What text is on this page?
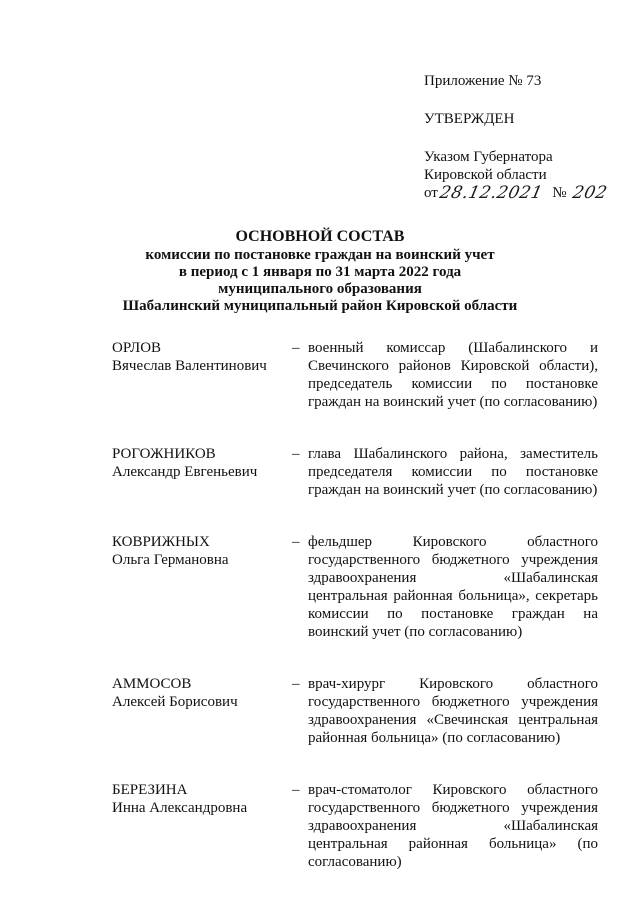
Приложение № 73
УТВЕРЖДЕН
Указом Губернатора
Кировской области
от 28.12.2021 № 202
ОСНОВНОЙ СОСТАВ
комиссии по постановке граждан на воинский учет
в период с 1 января по 31 марта 2022 года
муниципального образования
Шабалинский муниципальный район Кировской области
ОРЛОВ
Вячеслав Валентинович
– военный комиссар (Шабалинского и Свечинского районов Кировской области), председатель комиссии по постановке граждан на воинский учет (по согласованию)
РОГОЖНИКОВ
Александр Евгеньевич
– глава Шабалинского района, заместитель председателя комиссии по постановке граждан на воинский учет (по согласованию)
КОВРИЖНЫХ
Ольга Германовна
– фельдшер Кировского областного государственного бюджетного учреждения здравоохранения «Шабалинская центральная районная больница», секретарь комиссии по постановке граждан на воинский учет (по согласованию)
АММОСОВ
Алексей Борисович
– врач-хирург Кировского областного государственного бюджетного учреждения здравоохранения «Свечинская центральная районная больница» (по согласованию)
БЕРЕЗИНА
Инна Александровна
– врач-стоматолог Кировского областного государственного бюджетного учреждения здравоохранения «Шабалинская центральная районная больница» (по согласованию)
